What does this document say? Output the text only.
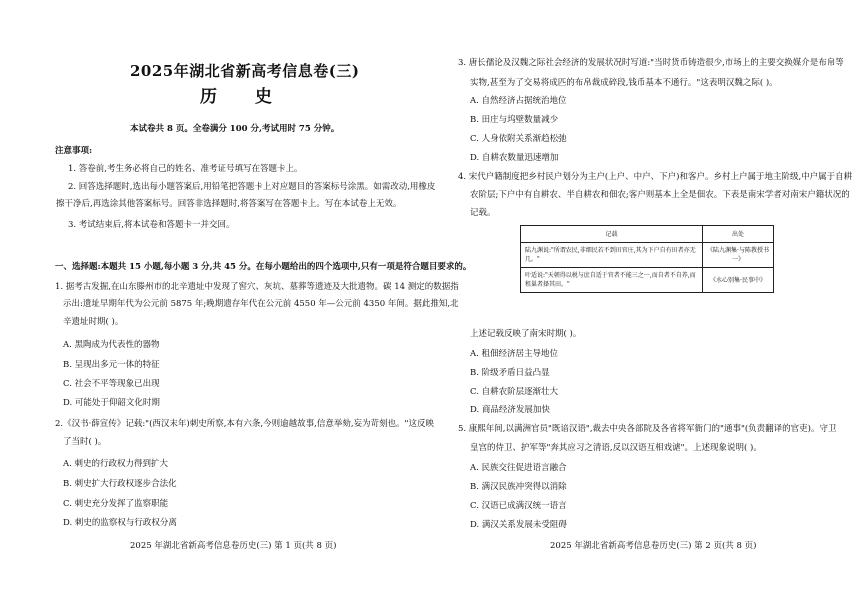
2025年湖北省新高考信息卷(三)
历 史
本试卷共 8 页。全卷满分 100 分,考试用时 75 分钟。
注意事项:
1. 答卷前,考生务必将自己的姓名、准考证号填写在答题卡上。
2. 回答选择题时,选出每小题答案后,用铅笔把答题卡上对应题目的答案标号涂黑。如需改动,用橡皮
擦干净后,再选涂其他答案标号。回答非选择题时,将答案写在答题卡上。写在本试卷上无效。
3. 考试结束后,将本试卷和答题卡一并交回。
一、选择题:本题共 15 小题,每小题 3 分,共 45 分。在每小题给出的四个选项中,只有一项是符合题目要求的。
1. 据考古发掘,在山东滕州市的北辛遗址中发现了窖穴、灰坑、墓葬等遗迹及大批遗物。碳 14 测定的数据指
示出:遗址早期年代为公元前 5875 年;晚期遗存年代在公元前 4550 年—公元前 4350 年间。据此推知,北
辛遗址时期( )。
A. 黑陶成为代表性的器物
B. 呈现出多元一体的特征
C. 社会不平等现象已出现
D. 可能处于仰韶文化时期
2.《汉书·薛宣传》记载:"(西汉末年)刺史所察,本有六条,今则逾越故事,信意举劾,妄为苛刻也。"这反映
了当时( )。
A. 刺史的行政权力得到扩大
B. 刺史扩大行政权逐步合法化
C. 刺史充分发挥了监察职能
D. 刺史的监察权与行政权分离
2025 年湖北省新高考信息卷历史(三) 第 1 页(共 8 页)
3. 唐长孺论及汉魏之际社会经济的发展状况时写道:"当时货币铸造很少,市场上的主要交换媒介是布帛等
实物,甚至为了交易将成匹的布帛裁成碎段,钱币基本不通行。"这表明汉魏之际( )。
A. 自然经济占据统治地位
B. 田庄与坞壁数量减少
C. 人身依附关系渐趋松弛
D. 自耕农数量迅速增加
4. 宋代户籍制度把乡村民户划分为主户(上户、中户、下户)和客户。乡村上户属于地主阶级,中户属于自耕
农阶层;下户中有自耕农、半自耕农和佃农;客户则基本上全是佃农。下表是南宋学者对南宋户籍状况的
记载。
记载	出处
陆九渊说:"所谓农民,非细民若不到田官庄,其为下户自有田者亦无几。"	《陆九渊集·与陈教授书一》
叶适说:"天朝得以税与庶自适于官者不能三之一,而自者不自养,而租巢者择其田。"	《水心别集·民事中》
上述记载反映了南宋时期( )。
A. 租佃经济居主导地位
B. 阶级矛盾日益凸显
C. 自耕农阶层逐渐壮大
D. 商品经济发展加快
5. 康熙年间,以满洲官员"既谙汉语",裁去中央各部院及各省将军衙门的"通事"(负责翻译的官吏)。守卫
皇宫的侍卫、护军等"奔其应习之清语,反以汉语互相戏谑"。上述现象说明( )。
A. 民族交往促进语言融合
B. 满汉民族冲突得以消除
C. 汉语已成满汉统一语言
D. 满汉关系发展未受阻碍
2025 年湖北省新高考信息卷历史(三) 第 2 页(共 8 页)
